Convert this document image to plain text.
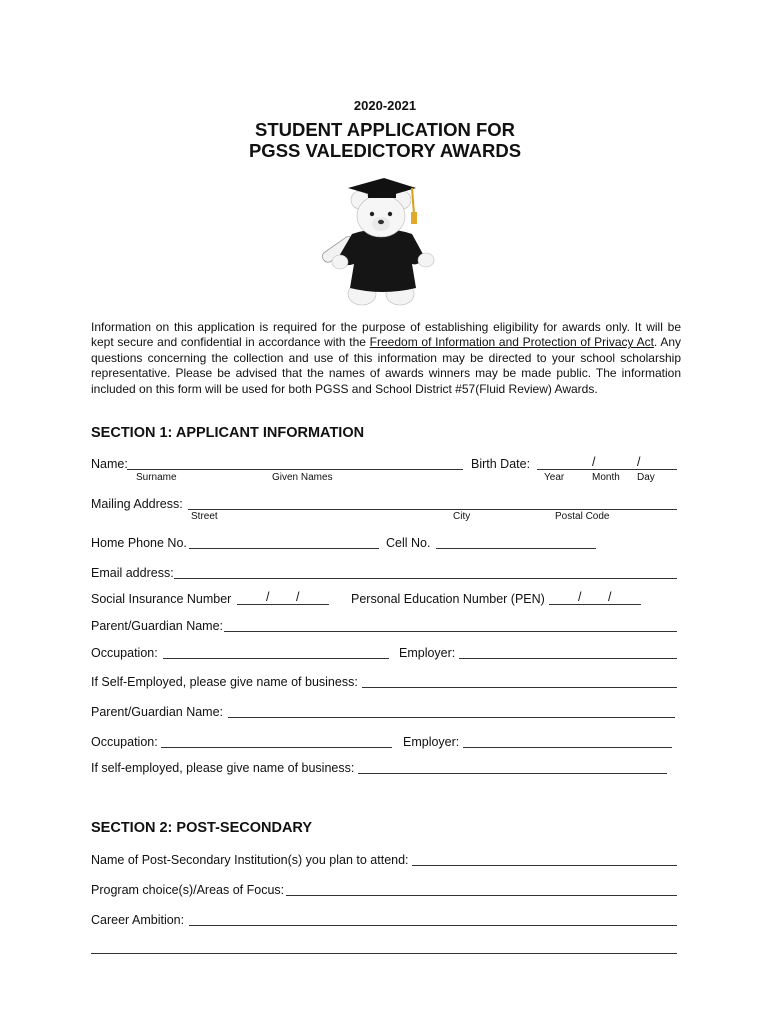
2020-2021
STUDENT APPLICATION FOR
PGSS VALEDICTORY AWARDS
Information on this application is required for the purpose of establishing eligibility for awards only. It will be kept secure and confidential in accordance with the Freedom of Information and Protection of Privacy Act. Any questions concerning the collection and use of this information may be directed to your school scholarship representative. Please be advised that the names of awards winners may be made public. The information included on this form will be used for both PGSS and School District #57(Fluid Review) Awards.
SECTION 1: APPLICANT INFORMATION
Name:	Birth Date:	/	/
Surname	Given Names	Year	Month Day
Mailing Address:
Street	City	Postal Code
Home Phone No.	Cell No.
Email address:
Social Insurance Number	/ /	Personal Education Number (PEN)	/ /
Parent/Guardian Name:
Occupation:	Employer:
If Self-Employed, please give name of business:
Parent/Guardian Name:
Occupation:	Employer:
If self-employed, please give name of business:
SECTION 2: POST-SECONDARY
Name of Post-Secondary Institution(s) you plan to attend:
Program choice(s)/Areas of Focus:
Career Ambition:
